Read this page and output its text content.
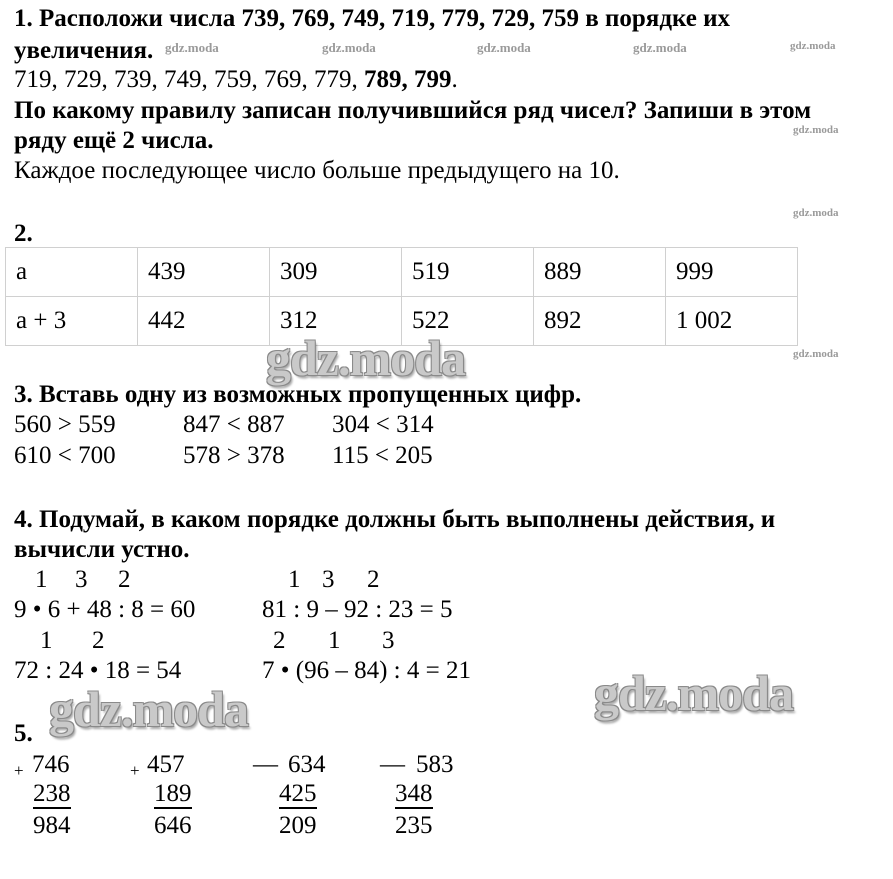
1. Расположи числа 739, 769, 749, 719, 779, 729, 759 в порядке их
увеличения.
719, 729, 739, 749, 759, 769, 779, 789, 799.
По какому правилу записан получившийся ряд чисел? Запиши в этом
ряду ещё 2 числа.
Каждое последующее число больше предыдущего на 10.
2.
a	439	309	519	889	999
a + 3	442	312	522	892	1 002
3. Вставь одну из возможных пропущенных цифр.
560 > 559	847 < 887 304 < 314
610 < 700	578 > 378 115 < 205
4. Подумай, в каком порядке должны быть выполнены действия, и
вычисли устно.
1 3 2	1 3 2
9 • 6 + 48 : 8 = 60	81 : 9 – 92 : 23 = 5
1 2	2 1 3
72 : 24 • 18 = 54	7 • (96 – 84) : 4 = 21
5.
+ 746
238
984
+ 457
189
646
— 634
425
209
— 583
348
235
gdz.moda	gdz.moda	gdz.moda	gdz.moda	gdz.moda
gdz.moda
gdz.moda
gdz.moda
gdz.moda
gdz.moda
gdz.moda
